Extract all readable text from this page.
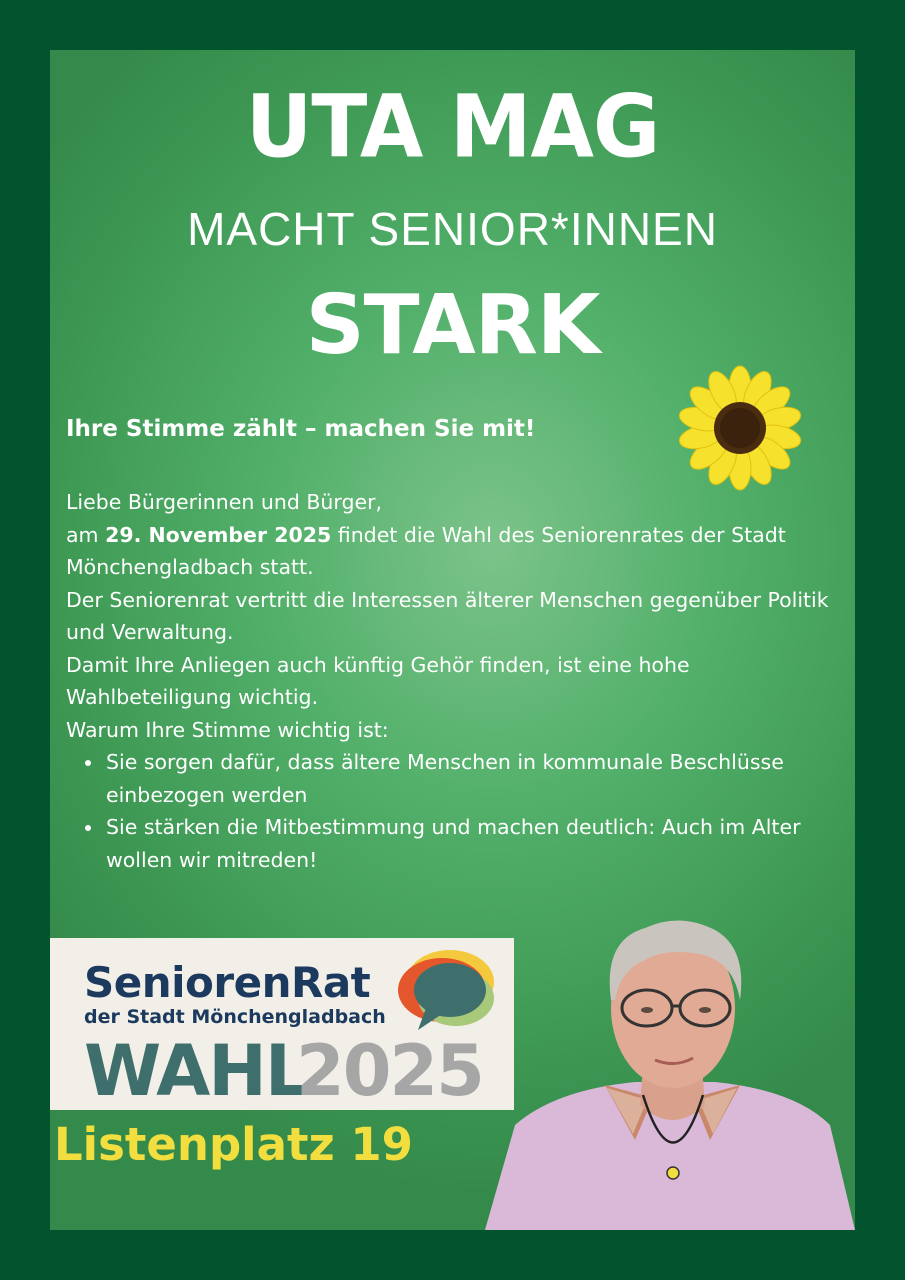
UTA MAG
MACHT SENIOR*INNEN
STARK
Ihre Stimme zählt – machen Sie mit!

Liebe Bürgerinnen und Bürger,

am 29. November 2025 findet die Wahl des Seniorenrates der Stadt Mönchengladbach statt.

Der Seniorenrat vertritt die Interessen älterer Menschen gegenüber Politik und Verwaltung.

Damit Ihre Anliegen auch künftig Gehör finden, ist eine hohe Wahlbeteiligung wichtig.

Warum Ihre Stimme wichtig ist:

• Sie sorgen dafür, dass ältere Menschen in kommunale Beschlüsse einbezogen werden
• Sie stärken die Mitbestimmung und machen deutlich: Auch im Alter wollen wir mitreden!
SeniorenRat
der Stadt Mönchengladbach
WAHL
2025
Listenplatz 19
